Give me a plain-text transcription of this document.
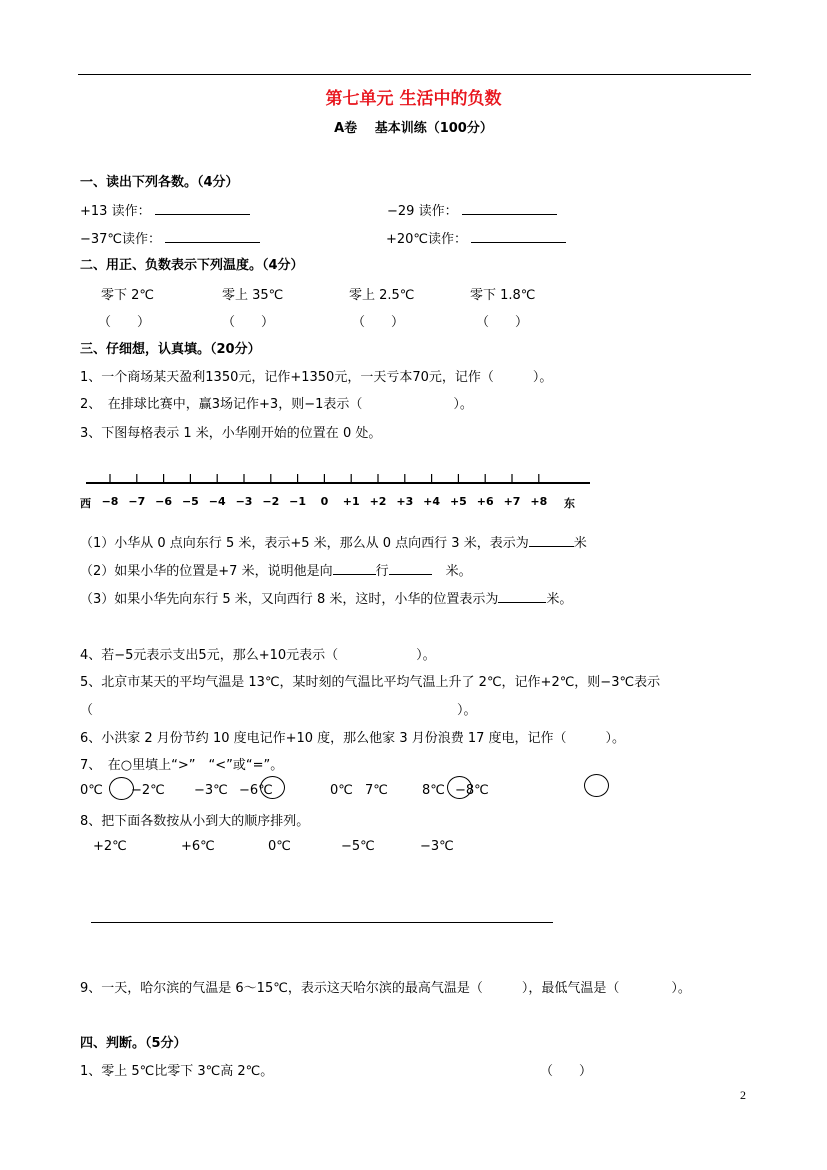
第七单元 生活中的负数
A卷　 基本训练（100分）
一、读出下列各数。（4分）
+13 读作：	−29 读作：
−37℃读作：	+20℃读作：
二、用正、负数表示下列温度。（4分）
零下 2℃	零上 35℃	零上 2.5℃	零下 1.8℃
（　　）	（　　）	（　　）	（　　）
三、仔细想，认真填。（20分）
1、一个商场某天盈利1350元，记作+1350元，一天亏本70元，记作（　　　）。
2、　在排球比赛中，赢3场记作+3，则−1表示（　　　　　　　）。
3、下图每格表示 1 米，小华刚开始的位置在 0 处。
−8 −7 −6 −5 −4 −3 −2 −1 0 +1 +2 +3 +4 +5 +6 +7 +8
西	东
（1）小华从 0 点向东行 5 米，表示+5 米，那么从 0 点向西行 3 米，表示为	米
（2）如果小华的位置是+7 米，说明他是向	行	米。
（3）如果小华先向东行 5 米，又向西行 8 米，这时，小华的位置表示为	米。
4、若−5元表示支出5元，那么+10元表示（　　　　　　）。
5、北京市某天的平均气温是 13℃，某时刻的气温比平均气温上升了 2℃，记作+2℃，则−3℃表示
（　　　　　　　　　　　　　　　　　　　　　　　　　　　　）。
6、小洪家 2 月份节约 10 度电记作+10 度，那么他家 3 月份浪费 17 度电，记作（　　　）。
7、　在○里填上“>”　“<”或“=”。
0℃ −2℃ −3℃ −6℃	0℃ 7℃	8℃ −8℃
8、把下面各数按从小到大的顺序排列。
+2℃	+6℃	0℃	−5℃	−3℃
9、一天，哈尔滨的气温是 6～15℃，表示这天哈尔滨的最高气温是（　　　），最低气温是（　　　　）。
四、判断。（5分）
1、零上 5℃比零下 3℃高 2℃。	（　　）
2
